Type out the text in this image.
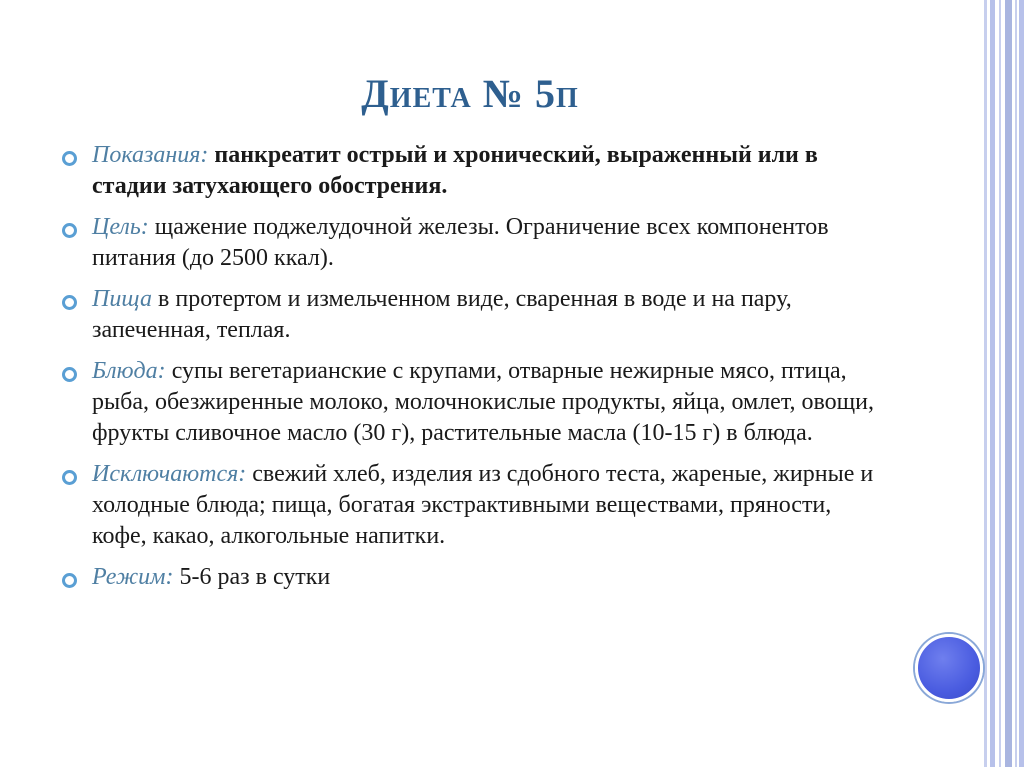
Диета № 5п
Показания: панкреатит острый и хронический, выраженный или в стадии затухающего обострения.
Цель: щажение поджелудочной железы. Ограничение всех компонентов питания (до 2500 ккал).
Пища в протертом и измельченном виде, сваренная в воде и на пару, запеченная, теплая.
Блюда: супы вегетарианские с крупами, отварные нежирные мясо, птица, рыба, обезжиренные молоко, молочнокислые продукты, яйца, омлет, овощи, фрукты сливочное масло (30 г), растительные масла (10-15 г) в блюда.
Исключаются: свежий хлеб, изделия из сдобного теста, жареные, жирные и холодные блюда; пища, богатая экстрактивными веществами, пряности, кофе, какао, алкогольные напитки.
Режим: 5-6 раз в сутки
